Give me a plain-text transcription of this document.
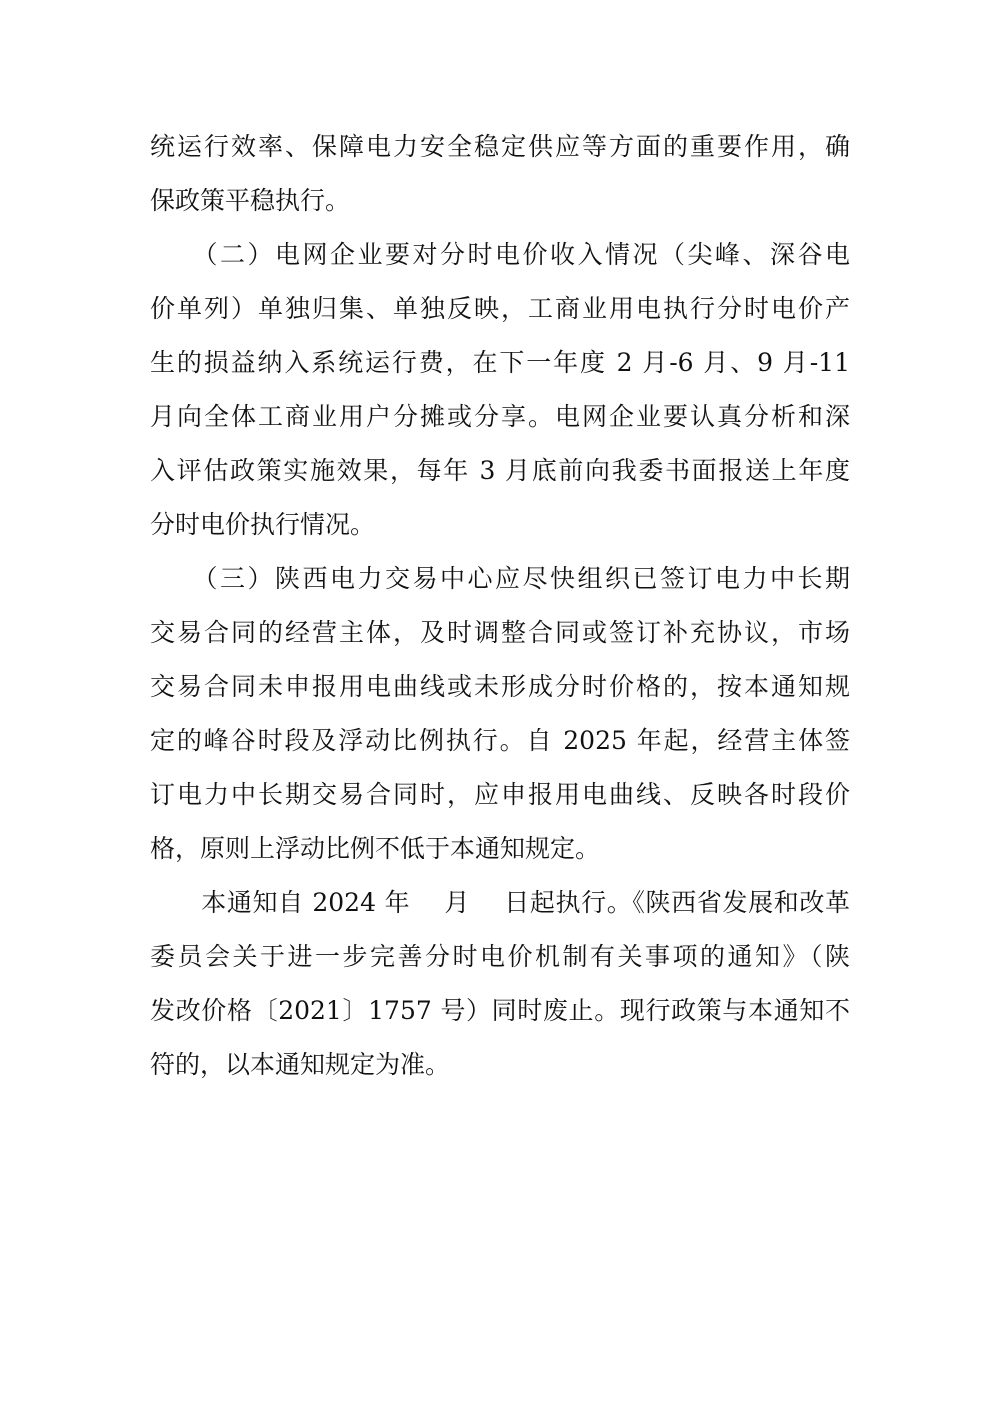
统运行效率、保障电力安全稳定供应等方面的重要作用，确
保政策平稳执行。
　　（二）电网企业要对分时电价收入情况（尖峰、深谷电
价单列）单独归集、单独反映，工商业用电执行分时电价产
生的损益纳入系统运行费，在下一年度 2 月-6 月、9 月-11
月向全体工商业用户分摊或分享。电网企业要认真分析和深
入评估政策实施效果，每年 3 月底前向我委书面报送上年度
分时电价执行情况。
　　（三）陕西电力交易中心应尽快组织已签订电力中长期
交易合同的经营主体，及时调整合同或签订补充协议，市场
交易合同未申报用电曲线或未形成分时价格的，按本通知规
定的峰谷时段及浮动比例执行。自 2025 年起，经营主体签
订电力中长期交易合同时，应申报用电曲线、反映各时段价
格，原则上浮动比例不低于本通知规定。
　　本通知自 2024 年　 月　 日起执行。《陕西省发展和改革
委员会关于进一步完善分时电价机制有关事项的通知》（陕
发改价格〔2021〕1757 号）同时废止。现行政策与本通知不
符的，以本通知规定为准。
